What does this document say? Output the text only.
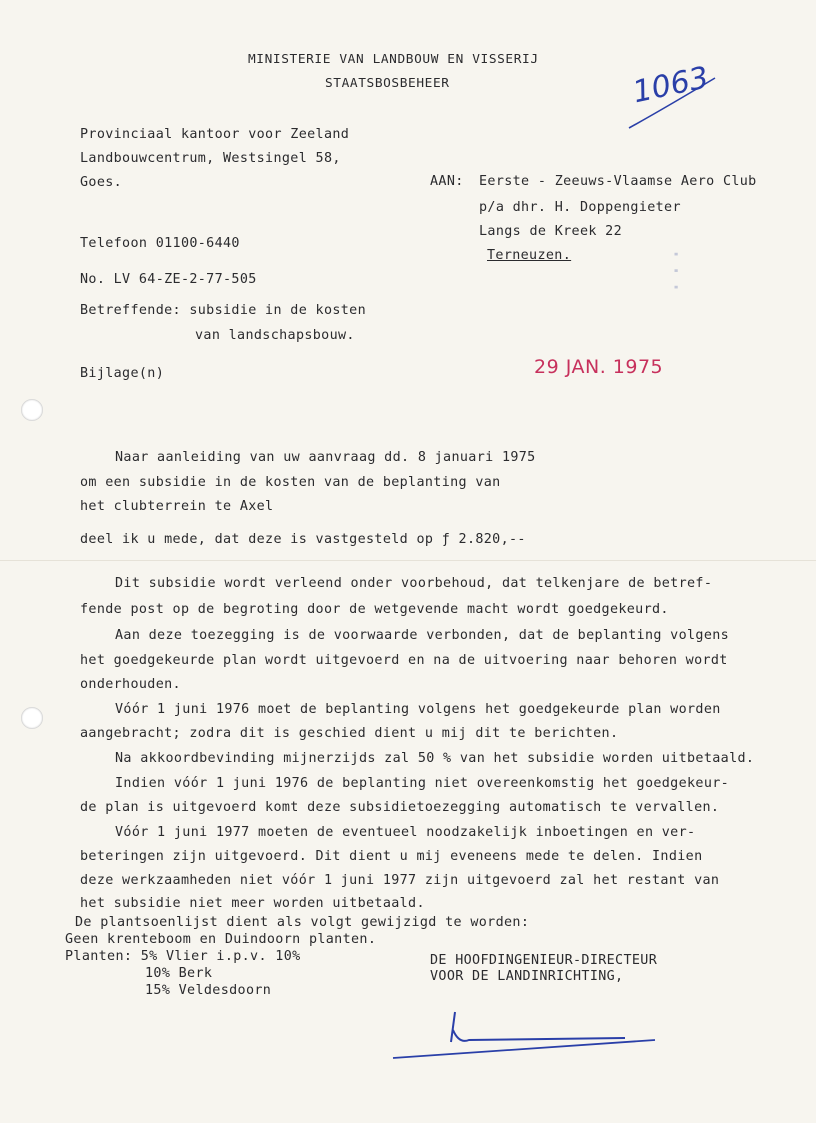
· · ·
MINISTERIE VAN LANDBOUW EN VISSERIJ
STAATSBOSBEHEER	1063
Provinciaal kantoor voor Zeeland
Landbouwcentrum, Westsingel 58,
Goes.	AAN: Eerste - Zeeuws-Vlaamse Aero Club
p/a dhr. H. Doppengieter
Langs de Kreek 22
Terneuzen.
Telefoon 01100-6440
No. LV 64-ZE-2-77-505
Betreffende: subsidie in de kosten
van landschapsbouw.
Bijlage(n)	29 JAN. 1975
Naar aanleiding van uw aanvraag dd. 8 januari 1975
om een subsidie in de kosten van de beplanting van
het clubterrein te Axel
deel ik u mede, dat deze is vastgesteld op ƒ 2.820,--
Dit subsidie wordt verleend onder voorbehoud, dat telkenjare de betref-
fende post op de begroting door de wetgevende macht wordt goedgekeurd.
Aan deze toezegging is de voorwaarde verbonden, dat de beplanting volgens
het goedgekeurde plan wordt uitgevoerd en na de uitvoering naar behoren wordt
onderhouden.
Vóór 1 juni 1976 moet de beplanting volgens het goedgekeurde plan worden
aangebracht; zodra dit is geschied dient u mij dit te berichten.
Na akkoordbevinding mijnerzijds zal 50 % van het subsidie worden uitbetaald.
Indien vóór 1 juni 1976 de beplanting niet overeenkomstig het goedgekeur-
de plan is uitgevoerd komt deze subsidietoezegging automatisch te vervallen.
Vóór 1 juni 1977 moeten de eventueel noodzakelijk inboetingen en ver-
beteringen zijn uitgevoerd. Dit dient u mij eveneens mede te delen. Indien
deze werkzaamheden niet vóór 1 juni 1977 zijn uitgevoerd zal het restant van
het subsidie niet meer worden uitbetaald.
De plantsoenlijst dient als volgt gewijzigd te worden:
Geen krenteboom en Duindoorn planten.
Planten: 5% Vlier i.p.v. 10%
10% Berk
15% Veldesdoorn
DE HOOFDINGENIEUR-DIRECTEUR
VOOR DE LANDINRICHTING,
